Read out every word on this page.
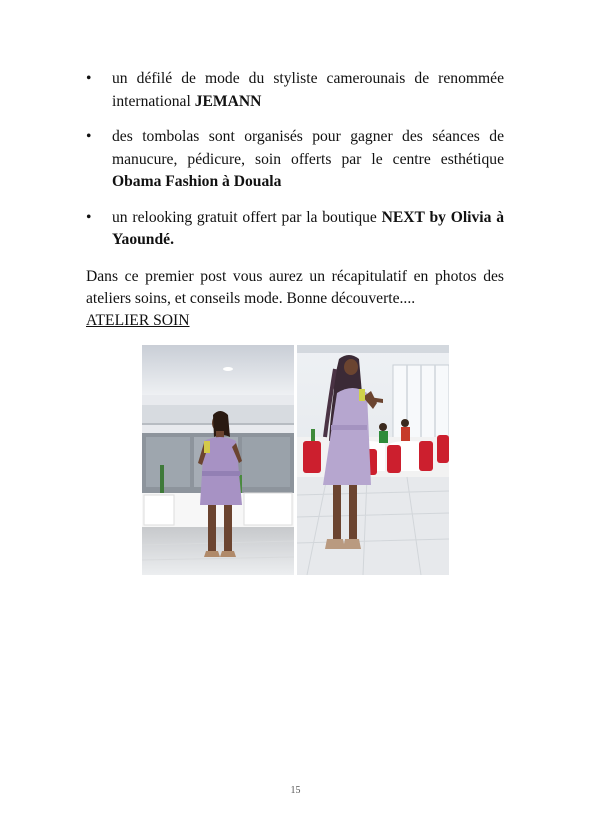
• un défilé de mode du styliste camerounais de renommée international JEMANN
• des tombolas sont organisés pour gagner des séances de manucure, pédicure, soin offerts par le centre esthétique Obama Fashion à Douala
• un relooking gratuit offert par la boutique NEXT by Olivia à Yaoundé.

Dans ce premier post vous aurez un récapitulatif en photos des ateliers soins, et conseils mode. Bonne découverte....

ATELIER SOIN

15
